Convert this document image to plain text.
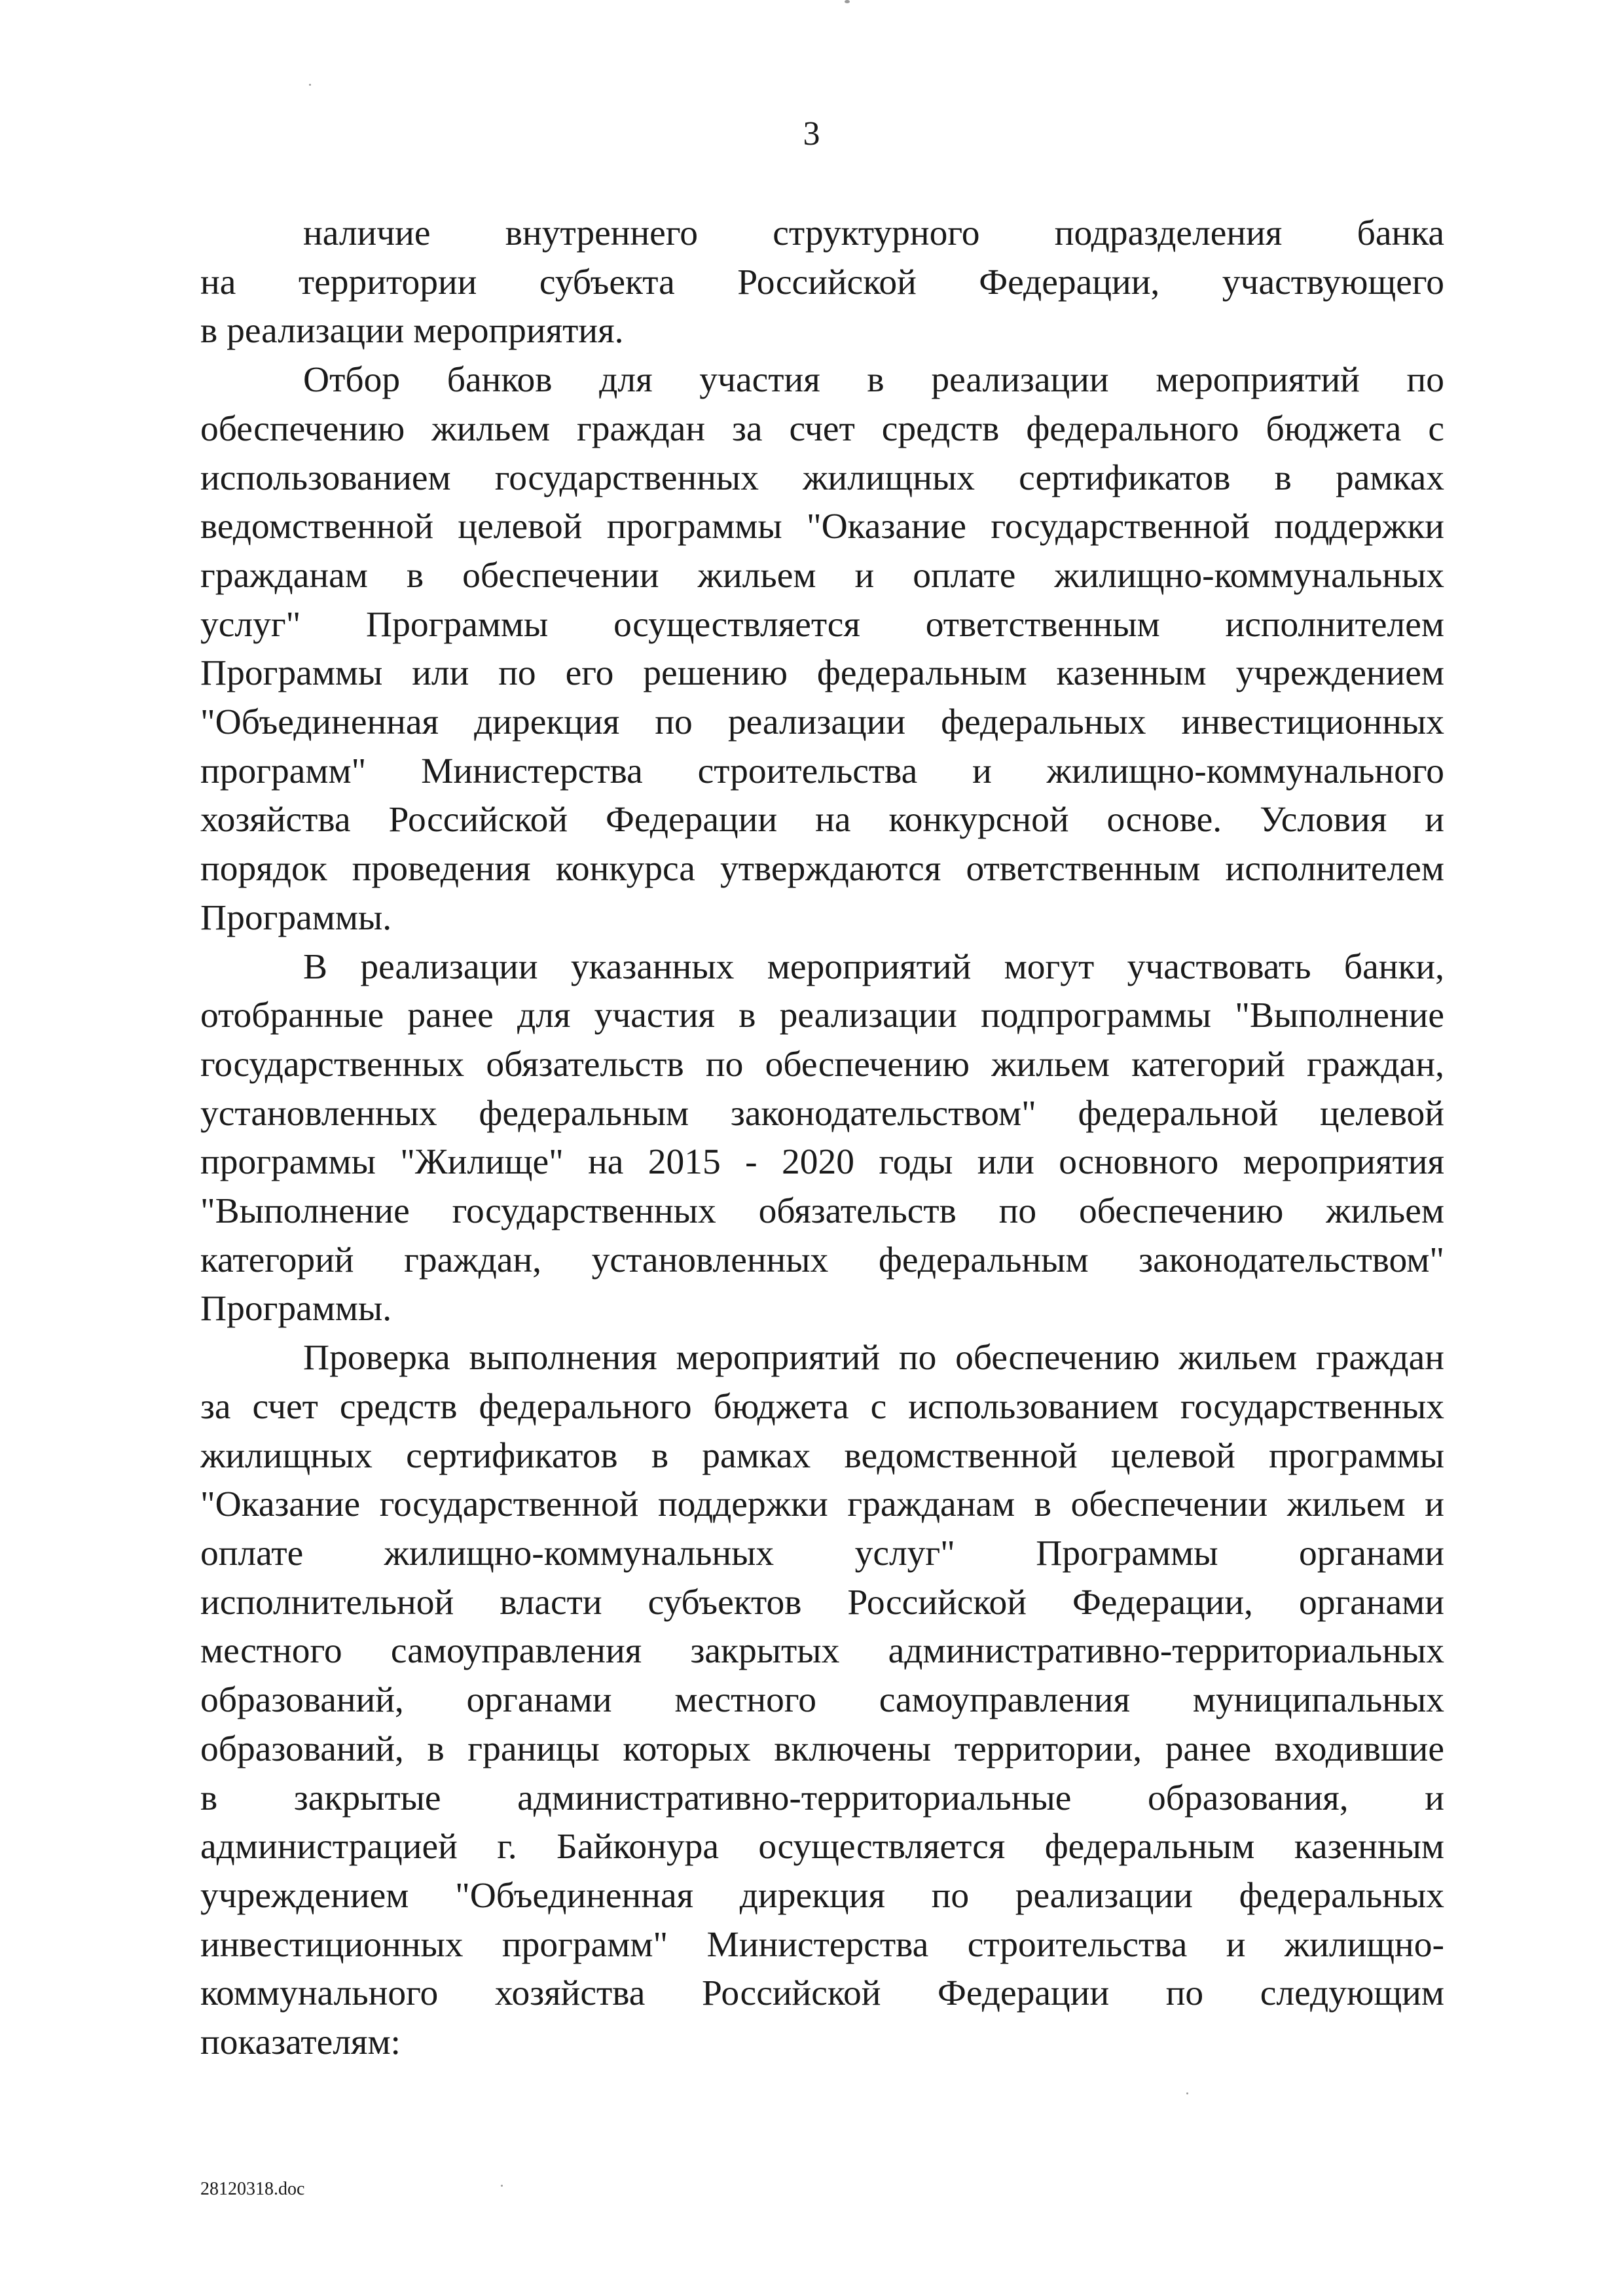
3
наличие внутреннего структурного подразделения банка
на территории субъекта Российской Федерации, участвующего
в реализации мероприятия.
Отбор банков для участия в реализации мероприятий по
обеспечению жильем граждан за счет средств федерального бюджета с
использованием государственных жилищных сертификатов в рамках
ведомственной целевой программы "Оказание государственной поддержки
гражданам в обеспечении жильем и оплате жилищно-коммунальных
услуг" Программы осуществляется ответственным исполнителем
Программы или по его решению федеральным казенным учреждением
"Объединенная дирекция по реализации федеральных инвестиционных
программ" Министерства строительства и жилищно-коммунального
хозяйства Российской Федерации на конкурсной основе. Условия и
порядок проведения конкурса утверждаются ответственным исполнителем
Программы.
В реализации указанных мероприятий могут участвовать банки,
отобранные ранее для участия в реализации подпрограммы "Выполнение
государственных обязательств по обеспечению жильем категорий граждан,
установленных федеральным законодательством" федеральной целевой
программы "Жилище" на 2015 - 2020 годы или основного мероприятия
"Выполнение государственных обязательств по обеспечению жильем
категорий граждан, установленных федеральным законодательством"
Программы.
Проверка выполнения мероприятий по обеспечению жильем граждан
за счет средств федерального бюджета с использованием государственных
жилищных сертификатов в рамках ведомственной целевой программы
"Оказание государственной поддержки гражданам в обеспечении жильем и
оплате жилищно-коммунальных услуг" Программы органами
исполнительной власти субъектов Российской Федерации, органами
местного самоуправления закрытых административно-территориальных
образований, органами местного самоуправления муниципальных
образований, в границы которых включены территории, ранее входившие
в закрытые административно-территориальные образования, и
администрацией г. Байконура осуществляется федеральным казенным
учреждением "Объединенная дирекция по реализации федеральных
инвестиционных программ" Министерства строительства и жилищно-
коммунального хозяйства Российской Федерации по следующим
показателям:
28120318.doc
